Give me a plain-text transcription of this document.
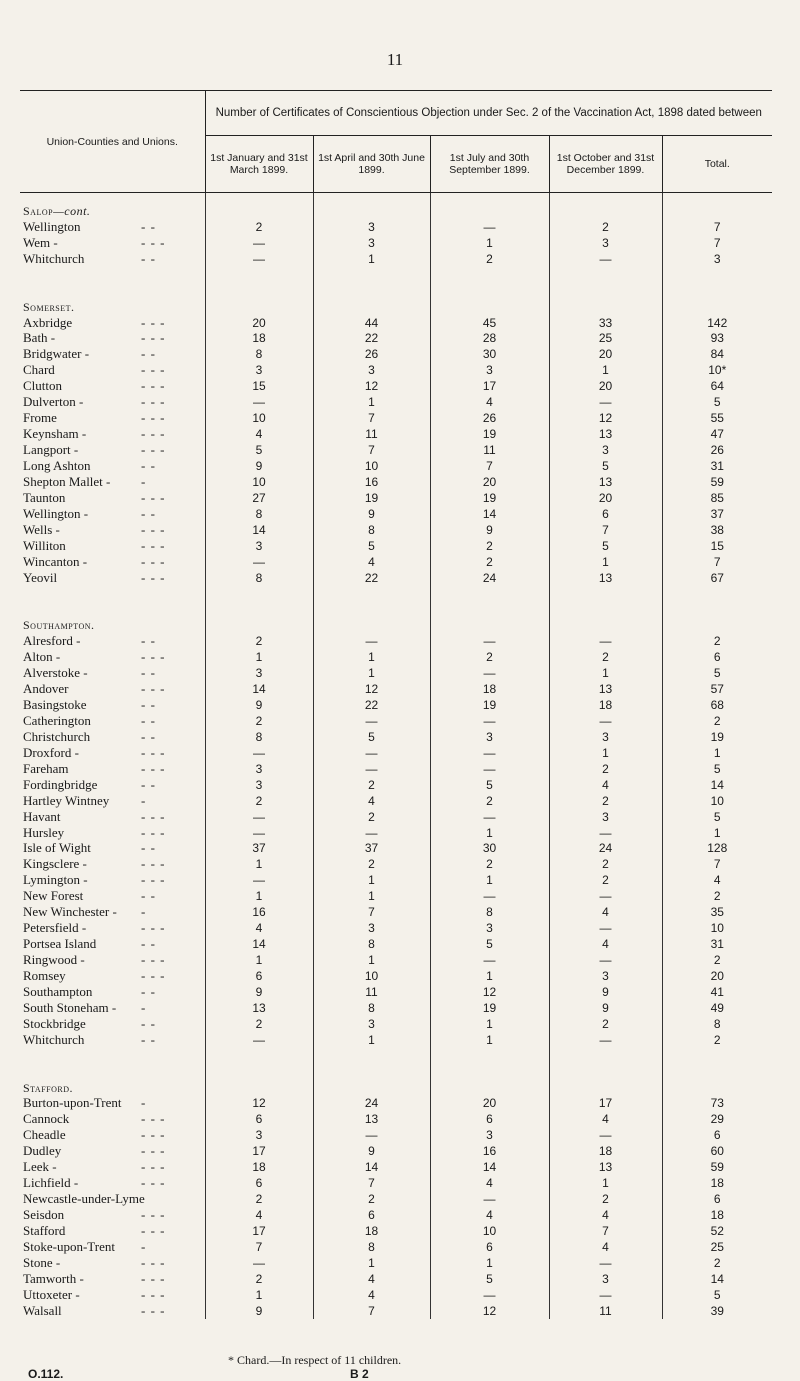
11
Union-Counties and Unions.	Number of Certificates of Conscientious Objection under Sec. 2 of the Vaccination Act, 1898 dated between				
	1st January and 31st March 1899.	1st April and 30th June 1899.	1st July and 30th September 1899.	1st October and 31st December 1899.	Total.

Salop—cont.					
Wellington - -	2	3	—	2	7
Wem - - - -	—	3	1	3	7
Whitchurch - -	—	1	2	—	3

Somerset.					
Axbridge - - -	20	44	45	33	142
Bath - - - -	18	22	28	25	93
Bridgwater - - -	8	26	30	20	84
Chard - - -	3	3	3	1	10*
Clutton - - -	15	12	17	20	64
Dulverton - - - -	—	1	4	—	5
Frome - - -	10	7	26	12	55
Keynsham - - - -	4	11	19	13	47
Langport - - - -	5	7	11	3	26
Long Ashton - -	9	10	7	5	31
Shepton Mallet - -	10	16	20	13	59
Taunton - - -	27	19	19	20	85
Wellington - - -	8	9	14	6	37
Wells - - - -	14	8	9	7	38
Williton - - -	3	5	2	5	15
Wincanton - - - -	—	4	2	1	7
Yeovil - - -	8	22	24	13	67

Southampton.					
Alresford - - -	2	—	—	—	2
Alton - - - -	1	1	2	2	6
Alverstoke - - -	3	1	—	1	5
Andover - - -	14	12	18	13	57
Basingstoke - -	9	22	19	18	68
Catherington - -	2	—	—	—	2
Christchurch - -	8	5	3	3	19
Droxford - - - -	—	—	—	1	1
Fareham - - -	3	—	—	2	5
Fordingbridge - -	3	2	5	4	14
Hartley Wintney -	2	4	2	2	10
Havant - - -	—	2	—	3	5
Hursley - - -	—	—	1	—	1
Isle of Wight - -	37	37	30	24	128
Kingsclere - - - -	1	2	2	2	7
Lymington - - - -	—	1	1	2	4
New Forest - -	1	1	—	—	2
New Winchester - -	16	7	8	4	35
Petersfield - - - -	4	3	3	—	10
Portsea Island - -	14	8	5	4	31
Ringwood - - - -	1	1	—	—	2
Romsey - - -	6	10	1	3	20
Southampton - -	9	11	12	9	41
South Stoneham - -	13	8	19	9	49
Stockbridge - -	2	3	1	2	8
Whitchurch - -	—	1	1	—	2

Stafford.					
Burton-upon-Trent -	12	24	20	17	73
Cannock - - -	6	13	6	4	29
Cheadle - - -	3	—	3	—	6
Dudley - - -	17	9	16	18	60
Leek - - - -	18	14	14	13	59
Lichfield - - - -	6	7	4	1	18
Newcastle-under-Lyme	2	2	—	2	6
Seisdon - - -	4	6	4	4	18
Stafford - - -	17	18	10	7	52
Stoke-upon-Trent -	7	8	6	4	25
Stone - - - -	—	1	1	—	2
Tamworth - - - -	2	4	5	3	14
Uttoxeter - - - -	1	4	—	—	5
Walsall - - -	9	7	12	11	39
* Chard.—In respect of 11 children.
O.112.	B 2
